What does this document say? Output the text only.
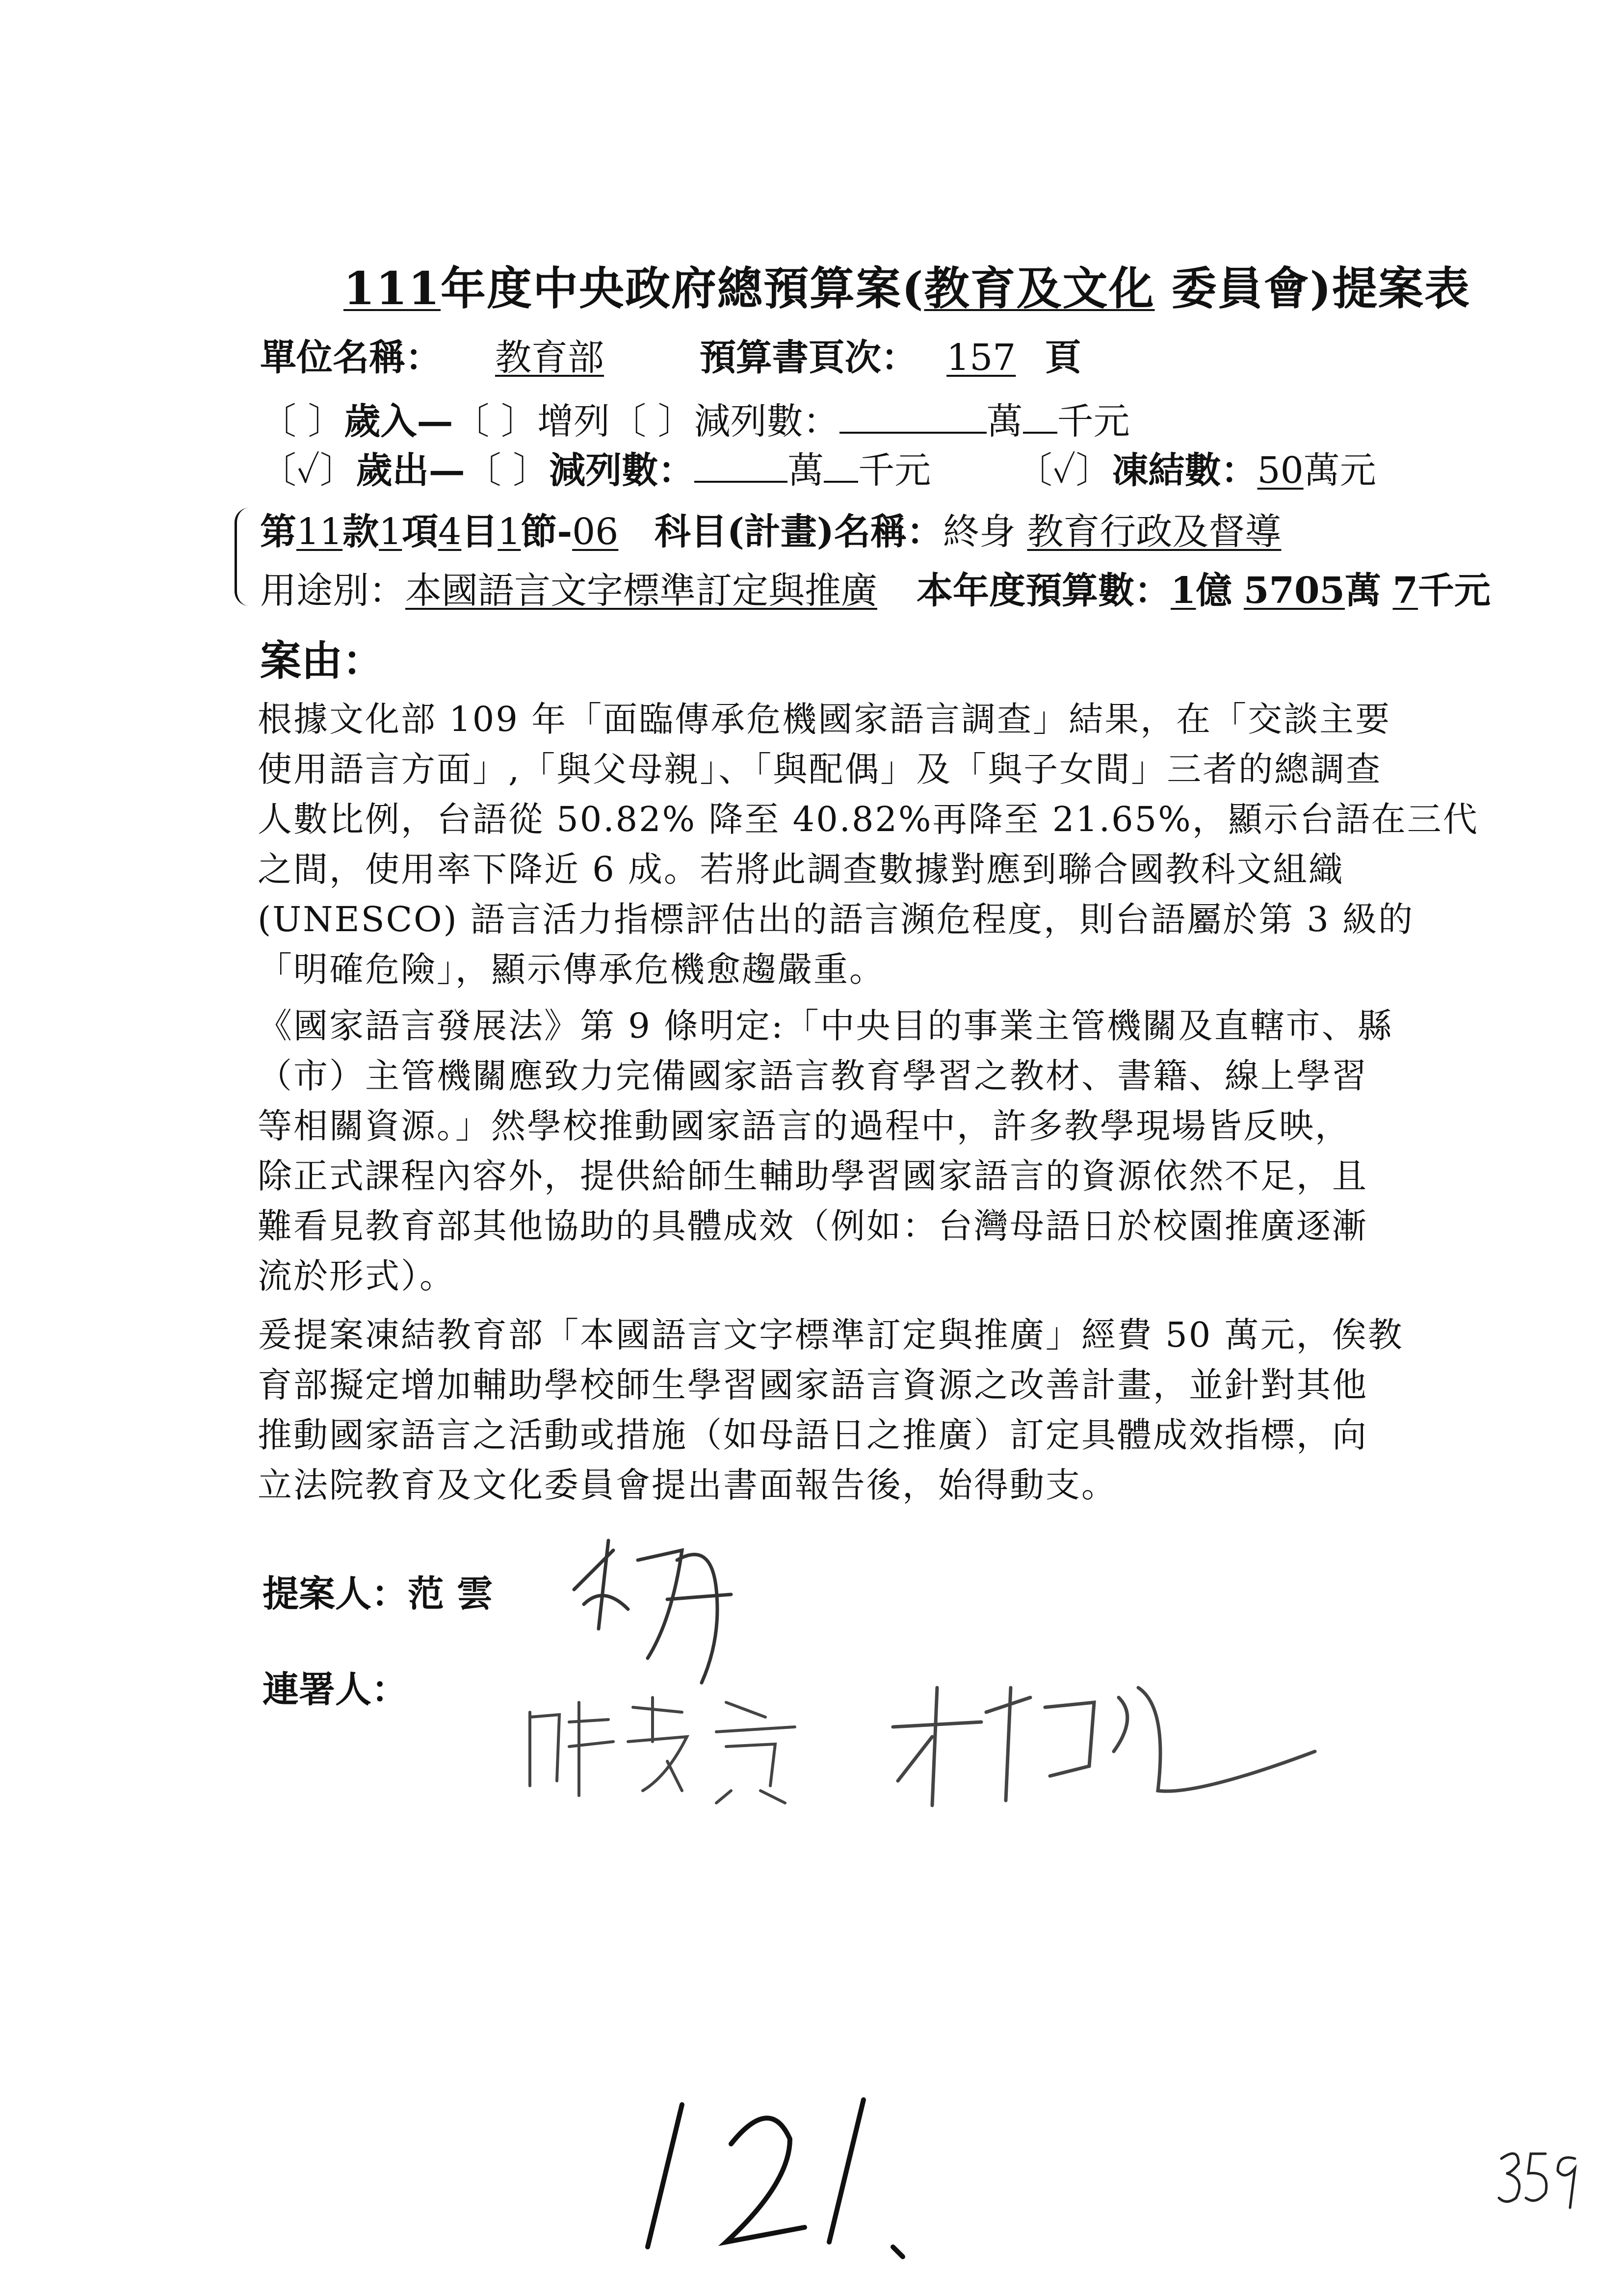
111年度中央政府總預算案(教育及文化 委員會)提案表
單位名稱： 教育部	預算書頁次： 157 頁
〔 〕歲入—〔 〕增列〔 〕減列數：	萬 千元
〔✓〕歲出—〔 〕減列數：	萬 千元 〔✓〕凍結數：50萬元
第11款1項4目1節-06 科目(計畫)名稱：終身 教育行政及督導
用途別：本國語言文字標準訂定與推廣 本年度預算數：1億 5705萬 7千元
案由：
根據文化部 109 年「面臨傳承危機國家語言調查」結果，在「交談主要
使用語言方面」,「與父母親」、「與配偶」及「與子女間」三者的總調查
人數比例，台語從 50.82% 降至 40.82%再降至 21.65%，顯示台語在三代
之間，使用率下降近 6 成。若將此調查數據對應到聯合國教科文組織
(UNESCO) 語言活力指標評估出的語言瀕危程度，則台語屬於第 3 級的
「明確危險」，顯示傳承危機愈趨嚴重。
《國家語言發展法》第 9 條明定:「中央目的事業主管機關及直轄市、縣
（市）主管機關應致力完備國家語言教育學習之教材、書籍、線上學習
等相關資源。」然學校推動國家語言的過程中，許多教學現場皆反映，
除正式課程內容外，提供給師生輔助學習國家語言的資源依然不足，且
難看見教育部其他協助的具體成效（例如：台灣母語日於校園推廣逐漸
流於形式）。
爰提案凍結教育部「本國語言文字標準訂定與推廣」經費 50 萬元，俟教
育部擬定增加輔助學校師生學習國家語言資源之改善計畫，並針對其他
推動國家語言之活動或措施（如母語日之推廣）訂定具體成效指標，向
立法院教育及文化委員會提出書面報告後，始得動支。
提案人：范 雲
連署人：
